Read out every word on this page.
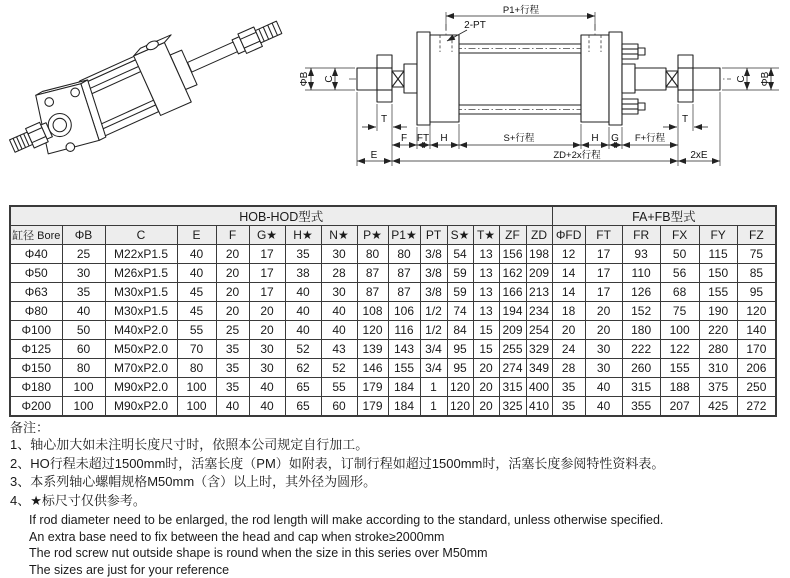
P1+行程
2-PT
ΦB C	C ΦB
T	T
F FT H	S+行程	H G F+行程
E	ZD+2x行程	2xE
HOB-HOD型式															FA+FB型式					
缸径 Bore	ΦB	C	E	F	G★	H★	N★	P★	P1★	PT	S★	T★	ZF	ZD	ΦFD	FT	FR	FX	FY	FZ
Φ40	25	M22xP1.5	40	20	17	35	30	80	80	3/8	54	13	156	198	12	17	93	50	115	75
Φ50	30	M26xP1.5	40	20	17	38	28	87	87	3/8	59	13	162	209	14	17	110	56	150	85
Φ63	35	M30xP1.5	45	20	17	40	30	87	87	3/8	59	13	166	213	14	17	126	68	155	95
Φ80	40	M30xP1.5	45	20	20	40	40	108	106	1/2	74	13	194	234	18	20	152	75	190	120
Φ100	50	M40xP2.0	55	25	20	40	40	120	116	1/2	84	15	209	254	20	20	180	100	220	140
Φ125	60	M50xP2.0	70	35	30	52	43	139	143	3/4	95	15	255	329	24	30	222	122	280	170
Φ150	80	M70xP2.0	80	35	30	62	52	146	155	3/4	95	20	274	349	28	30	260	155	310	206
Φ180	100	M90xP2.0	100	35	40	65	55	179	184	1	120	20	315	400	35	40	315	188	375	250
Φ200	100	M90xP2.0	100	40	40	65	60	179	184	1	120	20	325	410	35	40	355	207	425	272
备注：
1、轴心加大如未注明长度尺寸时，依照本公司规定自行加工。
2、HO行程未超过1500mm时，活塞长度（PM）如附表，订制行程如超过1500mm时，活塞长度参阅特性资料表。
3、本系列轴心螺帽规格M50mm（含）以上时，其外径为圆形。
4、★标尺寸仅供参考。
If rod diameter need to be enlarged, the rod length will make according to the standard, unless otherwise specified.
An extra base need to fix between the head and cap when stroke≥2000mm
The rod screw nut outside shape is round when the size in this series over M50mm
The sizes are just for your reference
